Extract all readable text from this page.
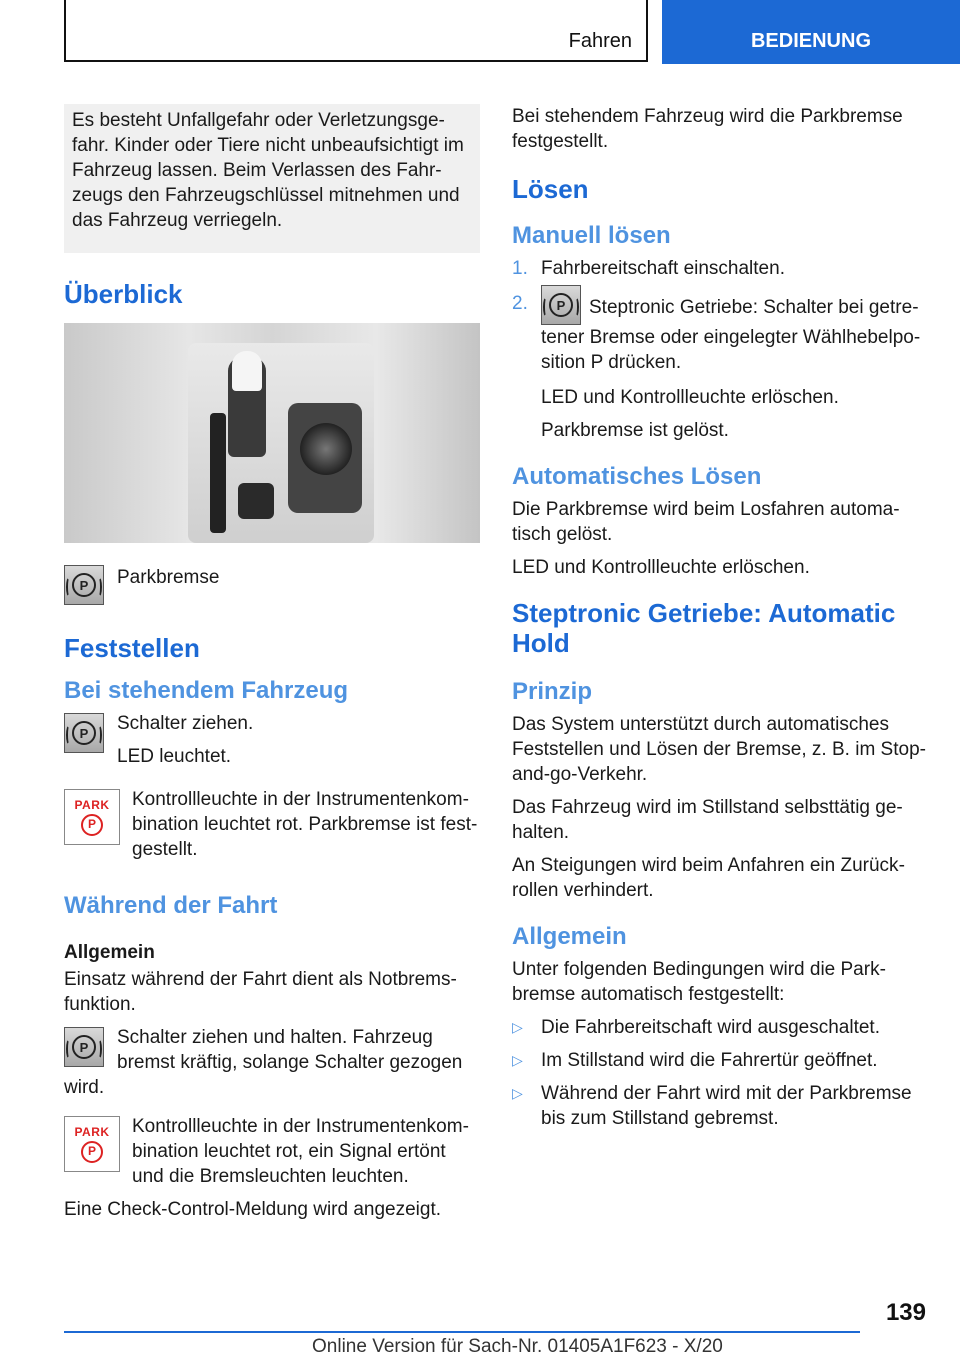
Fahren	BEDIENUNG
Es besteht Unfallgefahr oder Verletzungsgefahr. Kinder oder Tiere nicht unbeaufsichtigt im Fahrzeug lassen. Beim Verlassen des Fahrzeugs den Fahrzeugschlüssel mitnehmen und das Fahrzeug verriegeln.
Überblick
P	Parkbremse
Feststellen
Bei stehendem Fahrzeug
P	Schalter ziehen.

LED leuchtet.

PARK
P
Kontrollleuchte in der Instrumentenkombination leuchtet rot. Parkbremse ist festgestellt.
Während der Fahrt
Allgemein

Einsatz während der Fahrt dient als Notbremsfunktion.

P	Schalter ziehen und halten. Fahrzeug bremst kräftig, solange Schalter gezogen wird.
PARK
P
Kontrollleuchte in der Instrumentenkombination leuchtet rot, ein Signal ertönt und die Bremsleuchten leuchten.

Eine Check-Control-Meldung wird angezeigt.

Bei stehendem Fahrzeug wird die Parkbremse festgestellt.

Lösen
Manuell lösen
1. Fahrbereitschaft einschalten.
2.	P	Steptronic Getriebe: Schalter bei getretener Bremse oder eingelegter Wählhebelposition P drücken.

LED und Kontrollleuchte erlöschen.

Parkbremse ist gelöst.

Automatisches Lösen

Die Parkbremse wird beim Losfahren automatisch gelöst.

LED und Kontrollleuchte erlöschen.

Steptronic Getriebe: Automatic Hold
Prinzip

Das System unterstützt durch automatisches Feststellen und Lösen der Bremse, z. B. im Stop-and-go-Verkehr.

Das Fahrzeug wird im Stillstand selbsttätig gehalten.

An Steigungen wird beim Anfahren ein Zurückrollen verhindert.

Allgemein

Unter folgenden Bedingungen wird die Parkbremse automatisch festgestellt:

▷ Die Fahrbereitschaft wird ausgeschaltet.
▷ Im Stillstand wird die Fahrertür geöffnet.
▷ Während der Fahrt wird mit der Parkbremse bis zum Stillstand gebremst.
139
Online Version für Sach-Nr. 01405A1F623 - X/20
